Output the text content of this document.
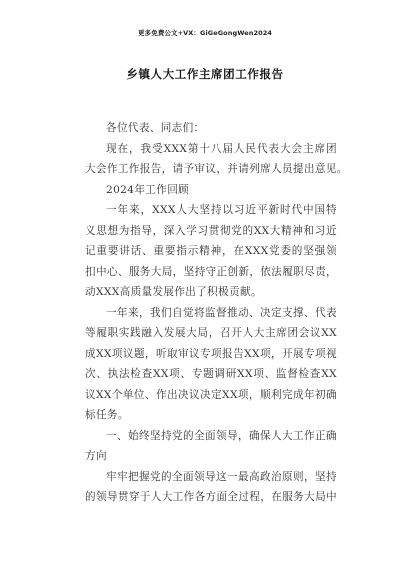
更多免费公文+VX：GiGeGongWen2024
乡镇人大工作主席团工作报告
各位代表、同志们：
现在，我受XXX第十八届人民代表大会主席团
大会作工作报告，请予审议，并请列席人员提出意见。
2024年工作回顾
一年来，XXX人大坚持以习近平新时代中国特
义思想为指导，深入学习贯彻党的XX大精神和习近
记重要讲话、重要指示精神，在XXX党委的坚强领
扣中心、服务大局，坚持守正创新，依法履职尽责，
动XXX高质量发展作出了积极贡献。
一年来，我们自觉将监督推动、决定支撑、代表
等履职实践融入发展大局，召开人大主席团会议XX
成XX项议题，听取审议专项报告XX项，开展专项视
次、执法检查XX项、专题调研XX项、监督检查XX
议XX个单位、作出决议决定XX项，顺利完成年初确
标任务。
一、始终坚持党的全面领导，确保人大工作正确
方向
牢牢把握党的全面领导这一最高政治原则，坚持
的领导贯穿于人大工作各方面全过程，在服务大局中
